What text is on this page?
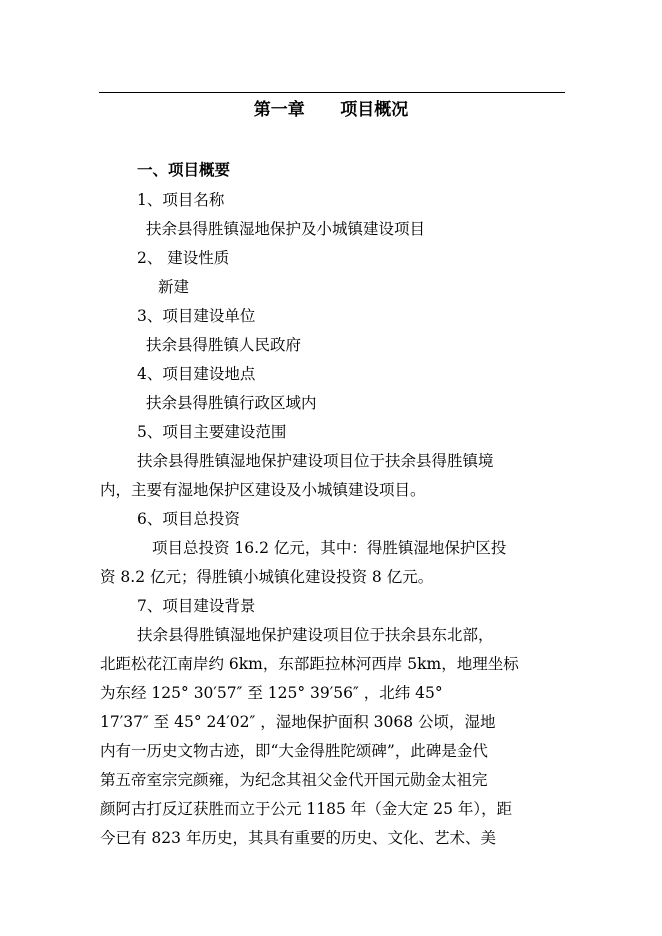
第一章      项目概况
一、项目概要
1、项目名称
扶余县得胜镇湿地保护及小城镇建设项目
2、 建设性质
新建
3、项目建设单位
扶余县得胜镇人民政府
4、项目建设地点
扶余县得胜镇行政区域内
5、项目主要建设范围
扶余县得胜镇湿地保护建设项目位于扶余县得胜镇境
内，主要有湿地保护区建设及小城镇建设项目。
6、项目总投资
项目总投资 16.2 亿元，其中：得胜镇湿地保护区投
资 8.2 亿元；得胜镇小城镇化建设投资 8 亿元。
7、项目建设背景
扶余县得胜镇湿地保护建设项目位于扶余县东北部，
北距松花江南岸约 6km，东部距拉林河西岸 5km，地理坐标
为东经 125° 30′57″ 至 125° 39′56″ ，北纬 45°
17′37″ 至 45° 24′02″ ，湿地保护面积 3068 公顷，湿地
内有一历史文物古迹，即“大金得胜陀颂碑”，此碑是金代
第五帝室宗完颜雍，为纪念其祖父金代开国元勋金太祖完
颜阿古打反辽获胜而立于公元 1185 年（金大定 25 年），距
今已有 823 年历史，其具有重要的历史、文化、艺术、美
